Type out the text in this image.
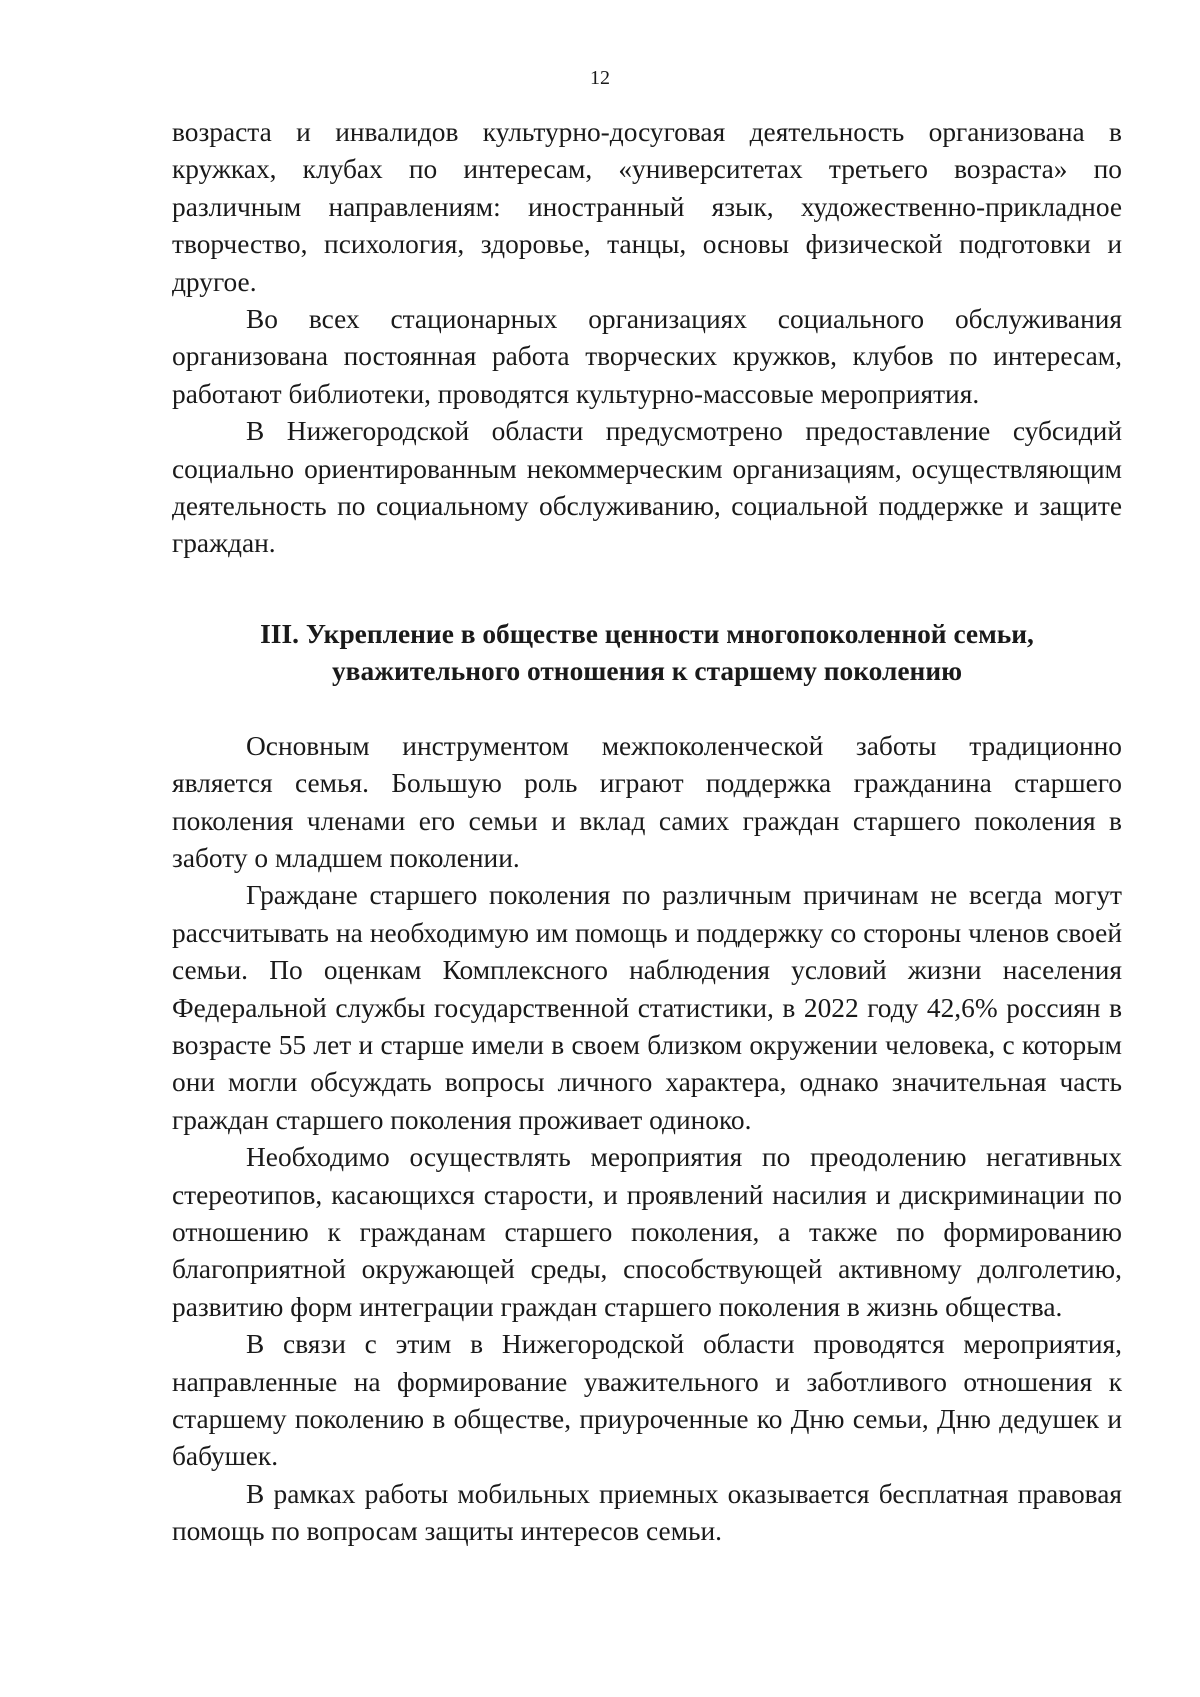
12

возраста и инвалидов культурно-досуговая деятельность организована в кружках, клубах по интересам, «университетах третьего возраста» по различным направлениям: иностранный язык, художественно-прикладное творчество, психология, здоровье, танцы, основы физической подготовки и другое.

Во всех стационарных организациях социального обслуживания организована постоянная работа творческих кружков, клубов по интересам, работают библиотеки, проводятся культурно-массовые мероприятия.

В Нижегородской области предусмотрено предоставление субсидий социально ориентированным некоммерческим организациям, осуществляющим деятельность по социальному обслуживанию, социальной поддержке и защите граждан.

III. Укрепление в обществе ценности многопоколенной семьи,
уважительного отношения к старшему поколению

Основным инструментом межпоколенческой заботы традиционно является семья. Большую роль играют поддержка гражданина старшего поколения членами его семьи и вклад самих граждан старшего поколения в заботу о младшем поколении.

Граждане старшего поколения по различным причинам не всегда могут рассчитывать на необходимую им помощь и поддержку со стороны членов своей семьи. По оценкам Комплексного наблюдения условий жизни населения Федеральной службы государственной статистики, в 2022 году 42,6% россиян в возрасте 55 лет и старше имели в своем близком окружении человека, с которым они могли обсуждать вопросы личного характера, однако значительная часть граждан старшего поколения проживает одиноко.

Необходимо осуществлять мероприятия по преодолению негативных стереотипов, касающихся старости, и проявлений насилия и дискриминации по отношению к гражданам старшего поколения, а также по формированию благоприятной окружающей среды, способствующей активному долголетию, развитию форм интеграции граждан старшего поколения в жизнь общества.

В связи с этим в Нижегородской области проводятся мероприятия, направленные на формирование уважительного и заботливого отношения к старшему поколению в обществе, приуроченные ко Дню семьи, Дню дедушек и бабушек.

В рамках работы мобильных приемных оказывается бесплатная правовая помощь по вопросам защиты интересов семьи.
